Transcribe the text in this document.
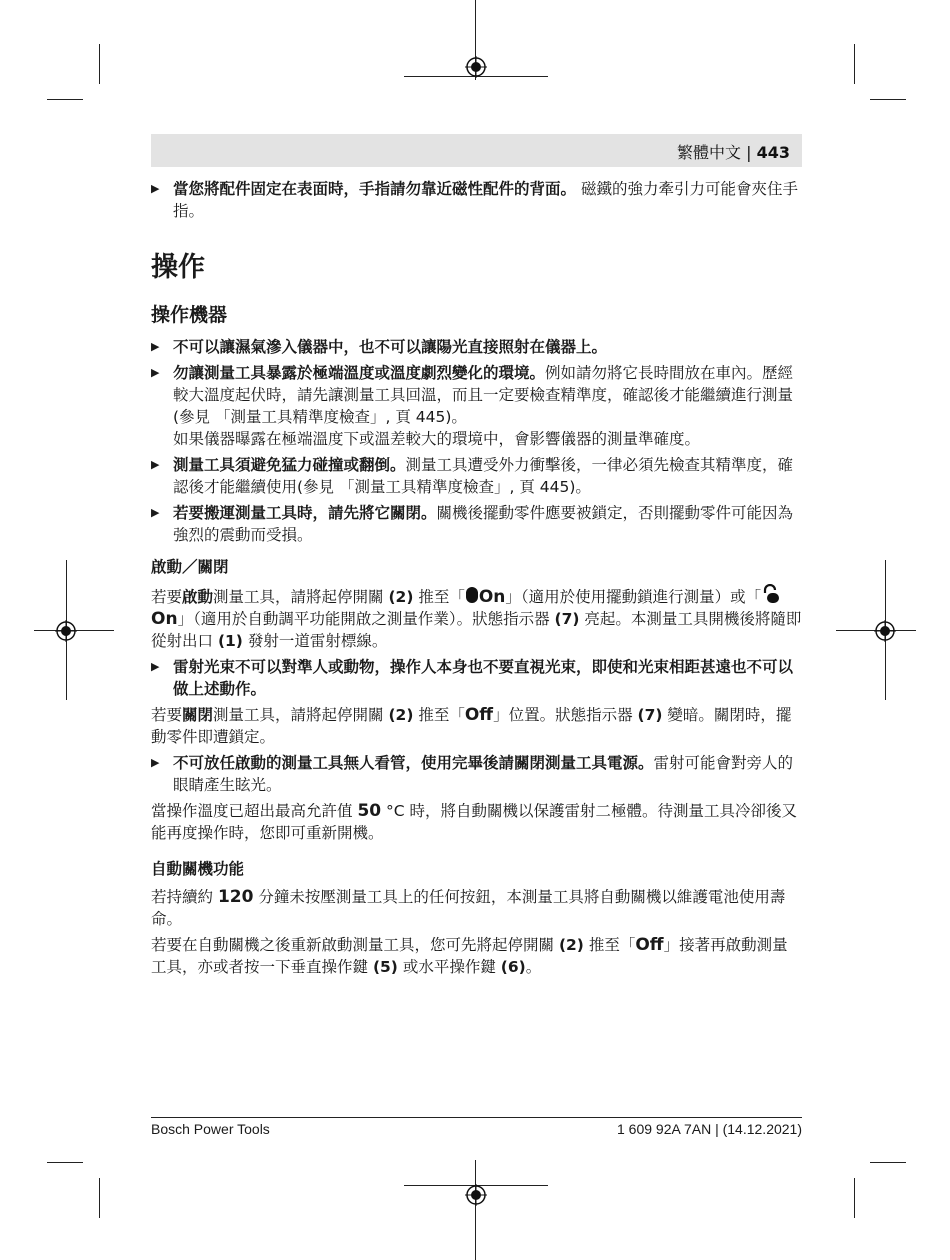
繁體中文 | 443
▶ 當您將配件固定在表面時，手指請勿靠近磁性配件的背面。 磁鐵的強力牽引力可能會夾住手指。
操作
操作機器
▶ 不可以讓濕氣滲入儀器中，也不可以讓陽光直接照射在儀器上。
▶ 勿讓測量工具暴露於極端溫度或溫度劇烈變化的環境。例如請勿將它長時間放在車內。歷經較大溫度起伏時，請先讓測量工具回溫，而且一定要檢查精準度，確認後才能繼續進行測量 (參見 「測量工具精準度檢查」, 頁 445)。
如果儀器曝露在極端溫度下或溫差較大的環境中，會影響儀器的測量準確度。
▶ 測量工具須避免猛力碰撞或翻倒。測量工具遭受外力衝擊後，一律必須先檢查其精準度，確認後才能繼續使用(參見 「測量工具精準度檢查」, 頁 445)。
▶ 若要搬運測量工具時，請先將它關閉。關機後擺動零件應要被鎖定，否則擺動零件可能因為強烈的震動而受損。
啟動／關閉

若要啟動測量工具，請將起停開關 (2) 推至「 On」（適用於使用擺動鎖進行測量）或「On」（適用於自動調平功能開啟之測量作業）。狀態指示器 (7) 亮起。本測量工具開機後將隨即從射出口 (1) 發射一道雷射標線。

▶ 雷射光束不可以對準人或動物，操作人本身也不要直視光束，即使和光束相距甚遠也不可以做上述動作。

若要關閉測量工具，請將起停開關 (2) 推至「Off」位置。狀態指示器 (7) 變暗。關閉時，擺動零件即遭鎖定。

▶ 不可放任啟動的測量工具無人看管，使用完畢後請關閉測量工具電源。雷射可能會對旁人的眼睛產生眩光。

當操作溫度已超出最高允許值 50 °C 時，將自動關機以保護雷射二極體。待測量工具冷卻後又能再度操作時，您即可重新開機。

自動關機功能

若持續約 120 分鐘未按壓測量工具上的任何按鈕，本測量工具將自動關機以維護電池使用壽命。

若要在自動關機之後重新啟動測量工具，您可先將起停開關 (2) 推至「Off」接著再啟動測量工具，亦或者按一下垂直操作鍵 (5) 或水平操作鍵 (6)。

Bosch Power Tools	1 609 92A 7AN | (14.12.2021)
